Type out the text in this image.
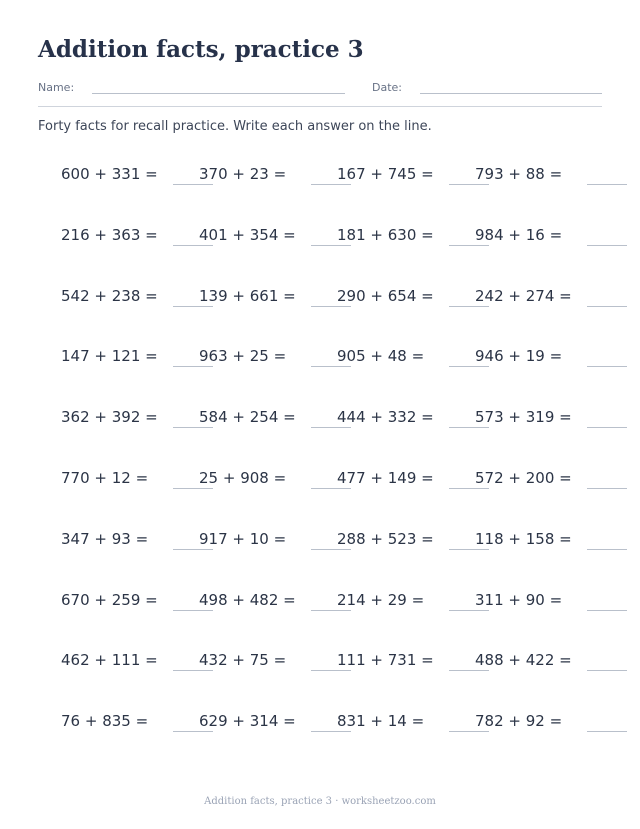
Addition facts, practice 3
Name:	Date:

Forty facts for recall practice. Write each answer on the line.

600 + 331 =	370 + 23 =	167 + 745 =	793 + 88 =
216 + 363 =	401 + 354 =	181 + 630 =	984 + 16 =
542 + 238 =	139 + 661 =	290 + 654 =	242 + 274 =
147 + 121 =	963 + 25 =	905 + 48 =	946 + 19 =
362 + 392 =	584 + 254 =	444 + 332 =	573 + 319 =
770 + 12 =	25 + 908 =	477 + 149 =	572 + 200 =
347 + 93 =	917 + 10 =	288 + 523 =	118 + 158 =
670 + 259 =	498 + 482 =	214 + 29 =	311 + 90 =
462 + 111 =	432 + 75 =	111 + 731 =	488 + 422 =
76 + 835 =	629 + 314 =	831 + 14 =	782 + 92 =
Addition facts, practice 3 · worksheetzoo.com
